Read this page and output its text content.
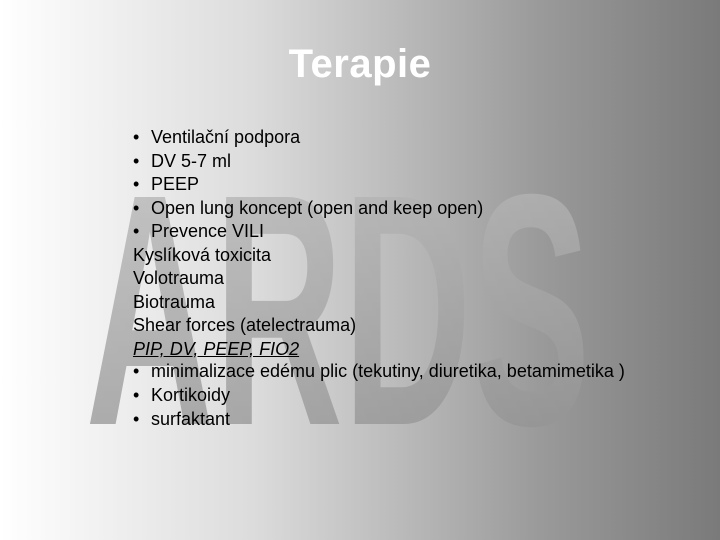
ARDS
Terapie
• Ventilační podpora
• DV 5-7 ml
• PEEP
• Open lung koncept (open and keep open)
• Prevence VILI
Kyslíková toxicita
Volotrauma
Biotrauma
Shear forces (atelectrauma)
PIP, DV, PEEP, FIO2
• minimalizace edému plic (tekutiny, diuretika, betamimetika )
• Kortikoidy
• surfaktant
